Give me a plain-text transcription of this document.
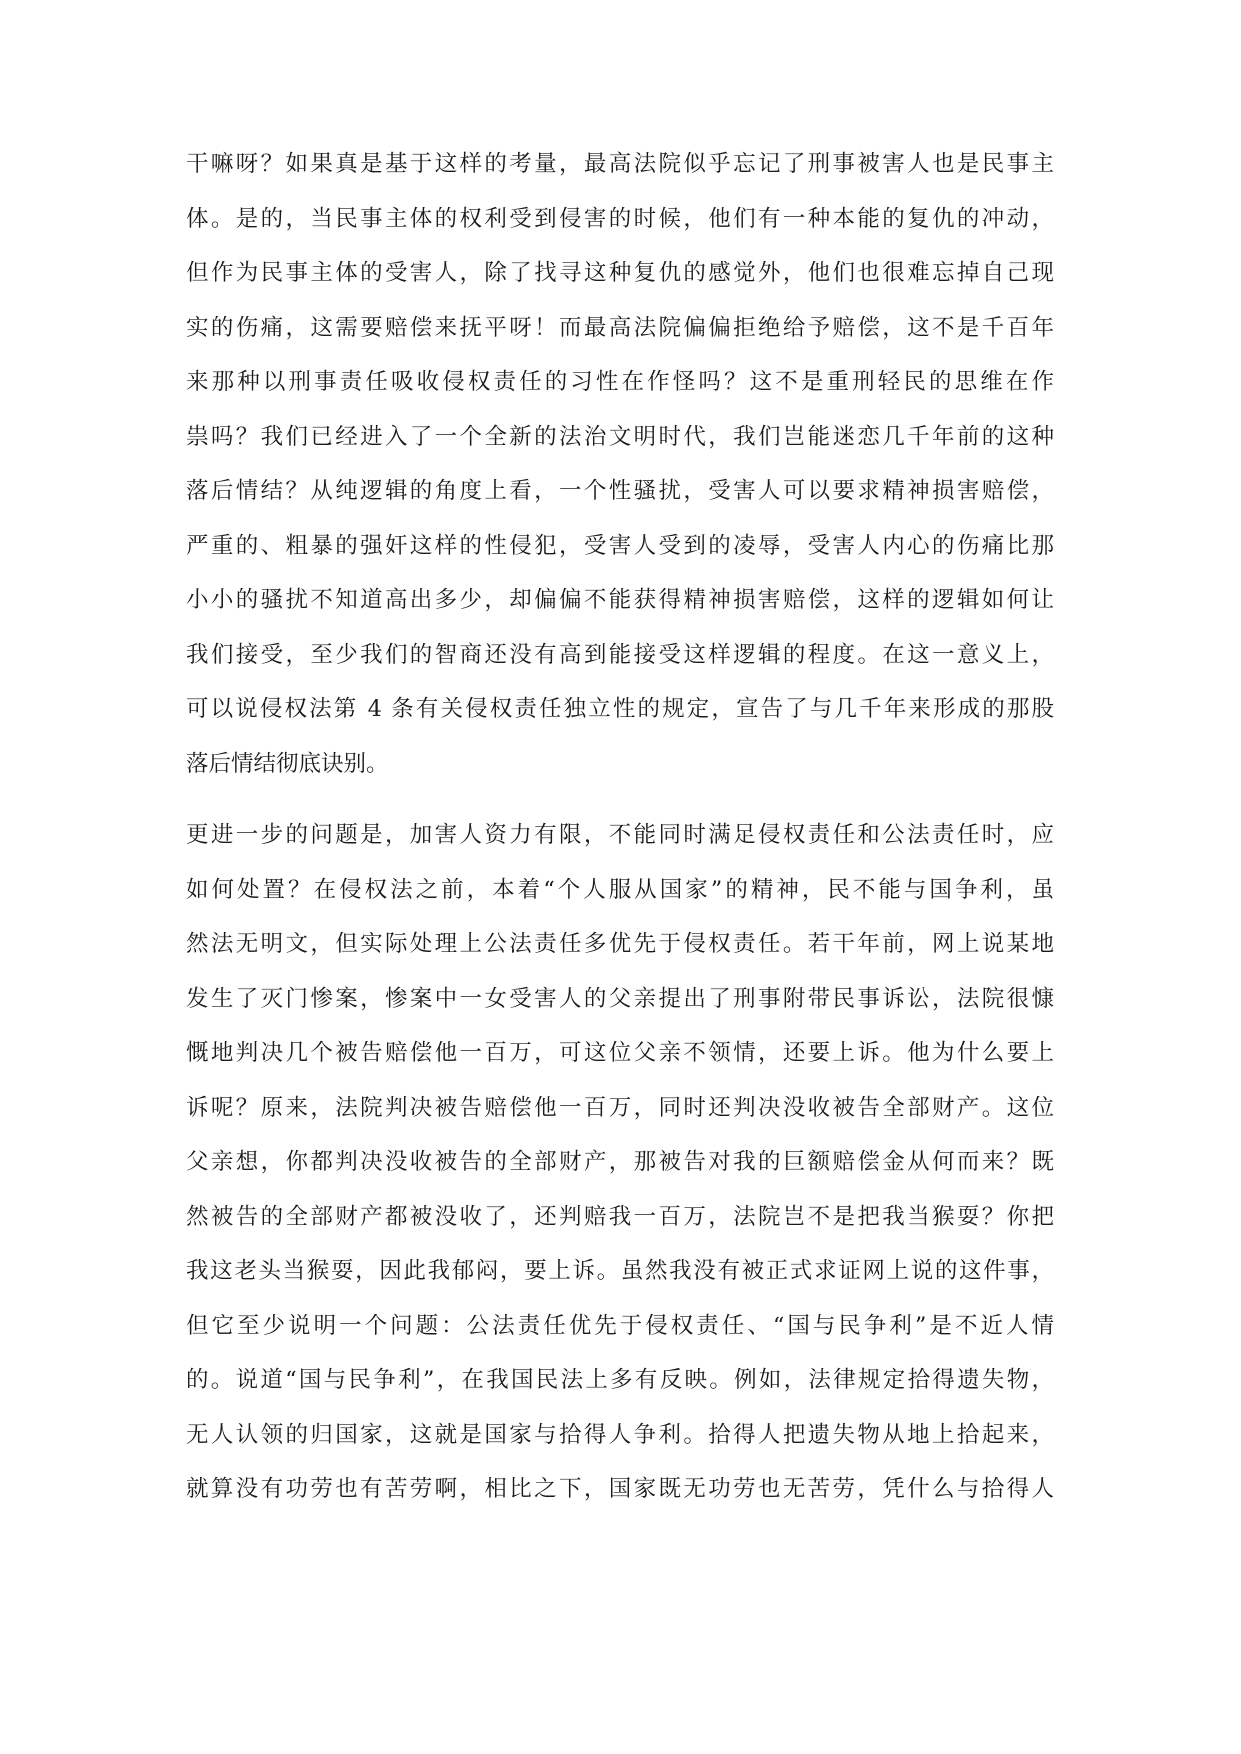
干嘛呀？如果真是基于这样的考量，最高法院似乎忘记了刑事被害人也是民事主
体。是的，当民事主体的权利受到侵害的时候，他们有一种本能的复仇的冲动，
但作为民事主体的受害人，除了找寻这种复仇的感觉外，他们也很难忘掉自己现
实的伤痛，这需要赔偿来抚平呀！而最高法院偏偏拒绝给予赔偿，这不是千百年
来那种以刑事责任吸收侵权责任的习性在作怪吗？这不是重刑轻民的思维在作
祟吗？我们已经进入了一个全新的法治文明时代，我们岂能迷恋几千年前的这种
落后情结？从纯逻辑的角度上看，一个性骚扰，受害人可以要求精神损害赔偿，
严重的、粗暴的强奸这样的性侵犯，受害人受到的凌辱，受害人内心的伤痛比那
小小的骚扰不知道高出多少，却偏偏不能获得精神损害赔偿，这样的逻辑如何让
我们接受，至少我们的智商还没有高到能接受这样逻辑的程度。在这一意义上，
可以说侵权法第 4 条有关侵权责任独立性的规定，宣告了与几千年来形成的那股
落后情结彻底诀别。
更进一步的问题是，加害人资力有限，不能同时满足侵权责任和公法责任时，应
如何处置？在侵权法之前，本着“个人服从国家”的精神，民不能与国争利，虽
然法无明文，但实际处理上公法责任多优先于侵权责任。若干年前，网上说某地
发生了灭门惨案，惨案中一女受害人的父亲提出了刑事附带民事诉讼，法院很慷
慨地判决几个被告赔偿他一百万，可这位父亲不领情，还要上诉。他为什么要上
诉呢？原来，法院判决被告赔偿他一百万，同时还判决没收被告全部财产。这位
父亲想，你都判决没收被告的全部财产，那被告对我的巨额赔偿金从何而来？既
然被告的全部财产都被没收了，还判赔我一百万，法院岂不是把我当猴耍？你把
我这老头当猴耍，因此我郁闷，要上诉。虽然我没有被正式求证网上说的这件事，
但它至少说明一个问题：公法责任优先于侵权责任、“国与民争利”是不近人情
的。说道“国与民争利”，在我国民法上多有反映。例如，法律规定拾得遗失物，
无人认领的归国家，这就是国家与拾得人争利。拾得人把遗失物从地上拾起来，
就算没有功劳也有苦劳啊，相比之下，国家既无功劳也无苦劳，凭什么与拾得人
